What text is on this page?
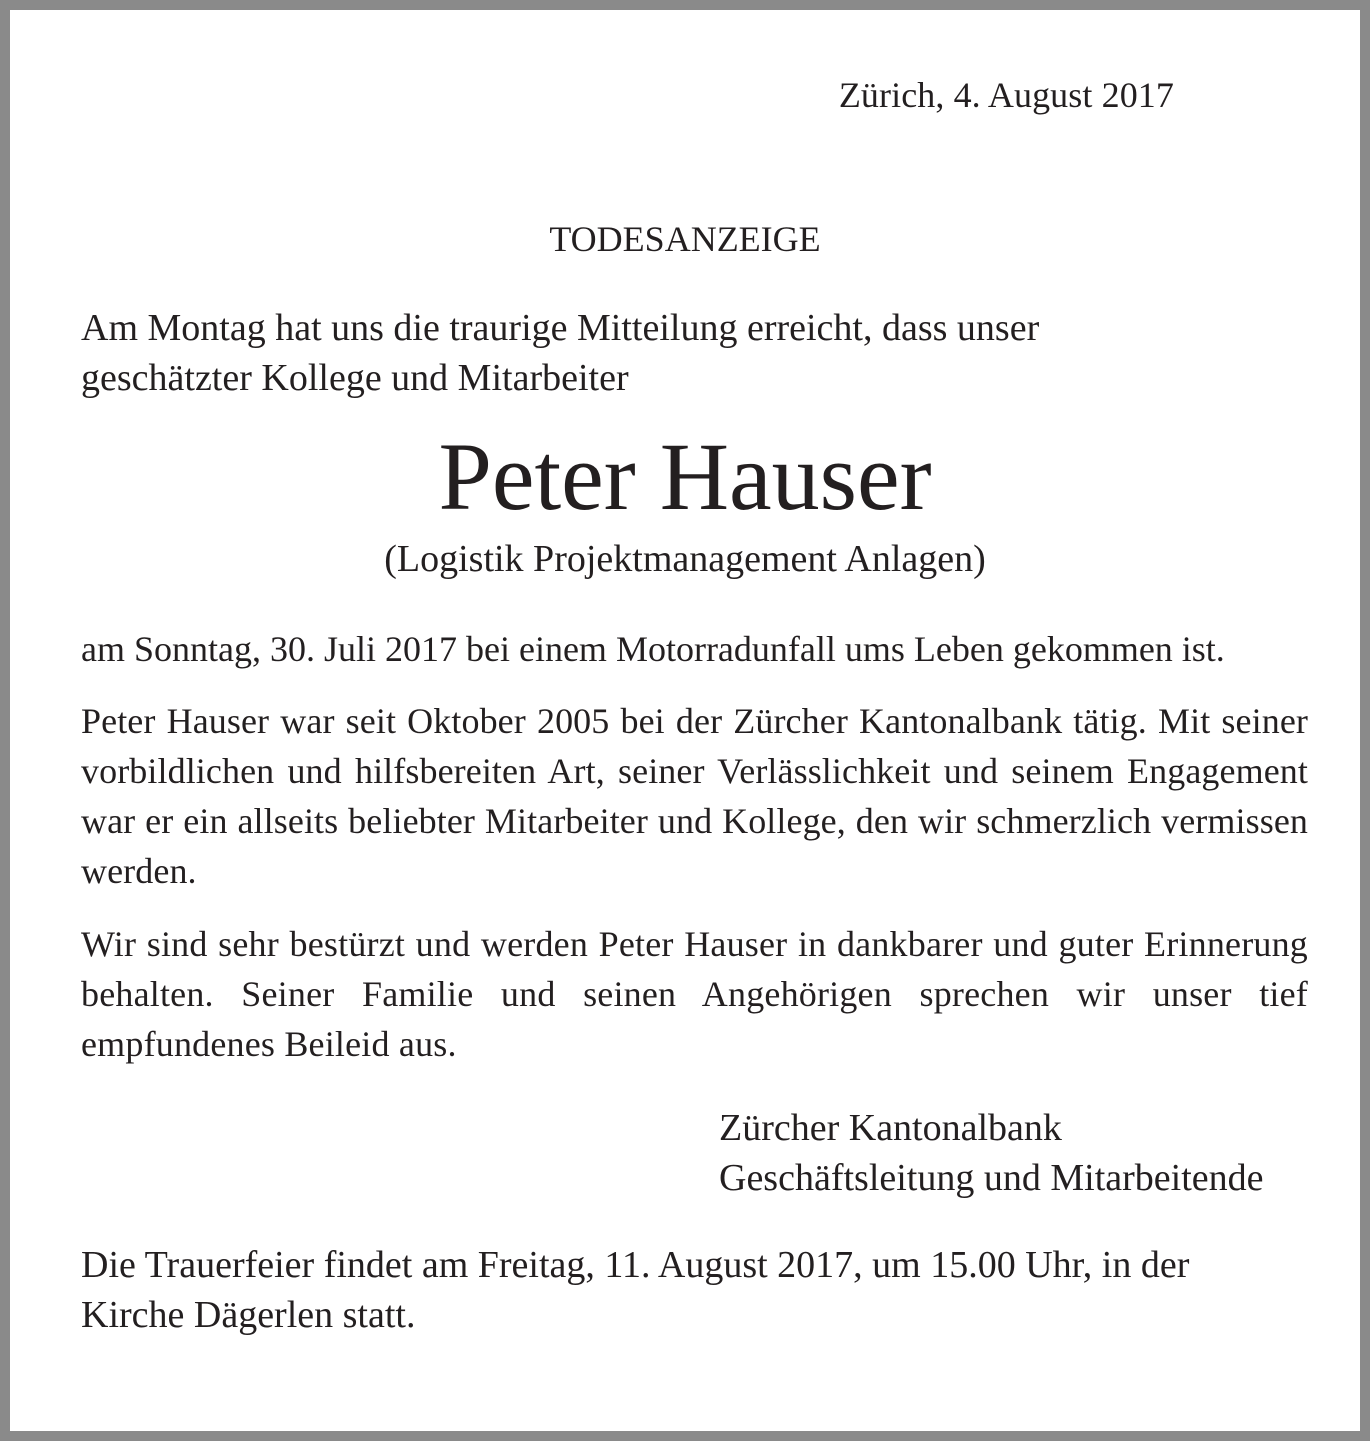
Zürich, 4. August 2017

TODESANZEIGE

Am Montag hat uns die traurige Mitteilung erreicht, dass unser
geschätzter Kollege und Mitarbeiter

Peter Hauser

(Logistik Projektmanagement Anlagen)

am Sonntag, 30. Juli 2017 bei einem Motorradunfall ums Leben gekommen ist.

Peter Hauser war seit Oktober 2005 bei der Zürcher Kantonalbank tätig. Mit seiner vorbildlichen und hilfsbereiten Art, seiner Verlässlichkeit und seinem Engagement war er ein allseits beliebter Mitarbeiter und Kollege, den wir schmerzlich vermissen werden.

Wir sind sehr bestürzt und werden Peter Hauser in dankbarer und guter Erinnerung behalten. Seiner Familie und seinen Angehörigen sprechen wir unser tief empfundenes Beileid aus.

Zürcher Kantonalbank
Geschäftsleitung und Mitarbeitende

Die Trauerfeier findet am Freitag, 11. August 2017, um 15.00 Uhr, in der
Kirche Dägerlen statt.
